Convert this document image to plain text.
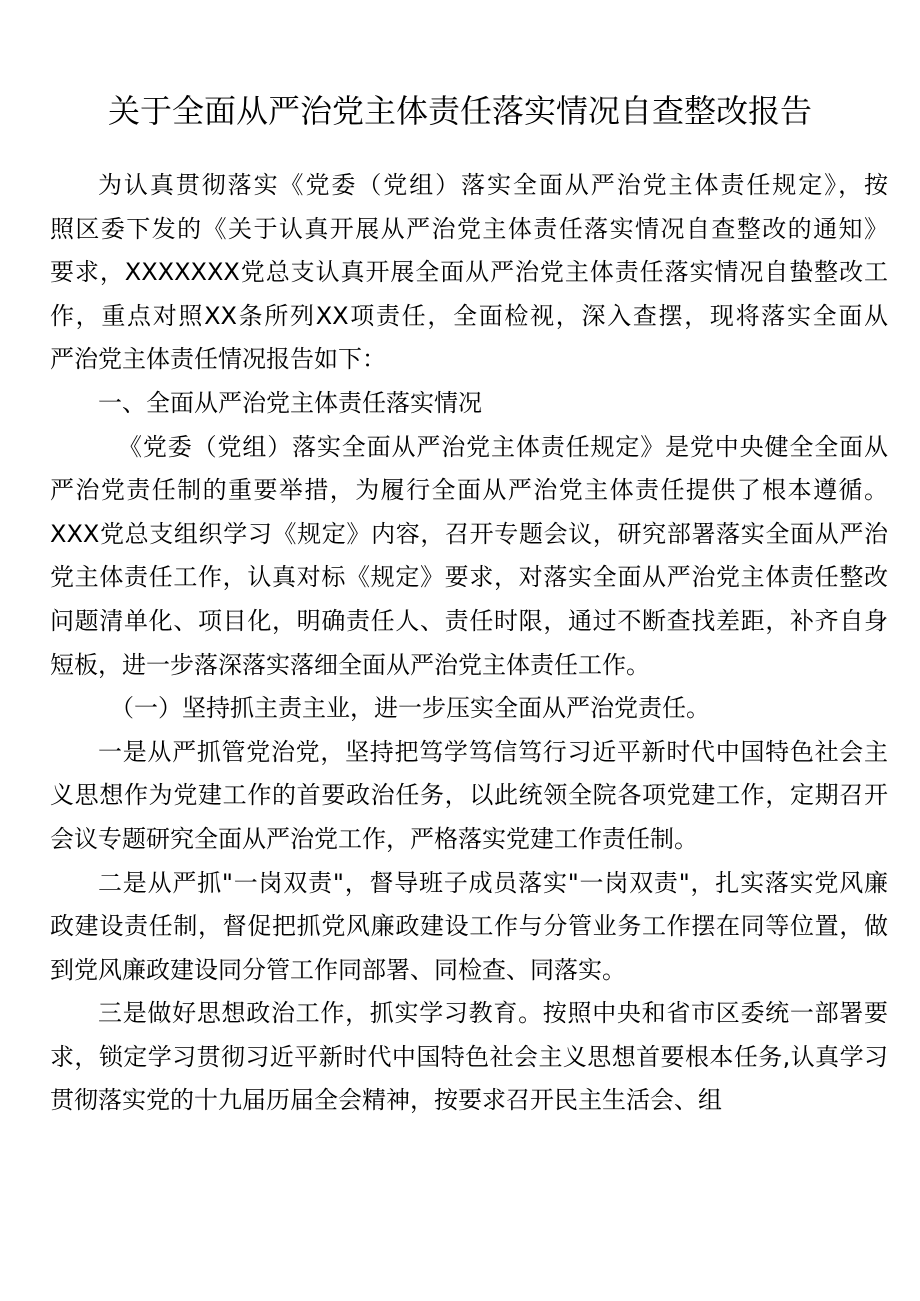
关于全面从严治党主体责任落实情况自查整改报告
为认真贯彻落实《党委（党组）落实全面从严治党主体责任规定》，按
照区委下发的《关于认真开展从严治党主体责任落实情况自查整改的通知》
要求，XXXXXXX党总支认真开展全面从严治党主体责任落实情况自蛰整改工
作，重点对照XX条所列XX项责任，全面检视，深入查摆，现将落实全面从
严治党主体责任情况报告如下：
一、全面从严治党主体责任落实情况
《党委（党组）落实全面从严治党主体责任规定》是党中央健全全面从
严治党责任制的重要举措，为履行全面从严治党主体责任提供了根本遵循。
XXX党总支组织学习《规定》内容，召开专题会议，研究部署落实全面从严治
党主体责任工作，认真对标《规定》要求，对落实全面从严治党主体责任整改
问题清单化、项目化，明确责任人、责任时限，通过不断查找差距，补齐自身
短板，进一步落深落实落细全面从严治党主体责任工作。
（一）坚持抓主责主业，进一步压实全面从严治党责任。
一是从严抓管党治党，坚持把笃学笃信笃行习近平新时代中国特色社会主
义思想作为党建工作的首要政治任务，以此统领全院各项党建工作，定期召开
会议专题研究全面从严治党工作，严格落实党建工作责任制。
二是从严抓"一岗双责"，督导班子成员落实"一岗双责"，扎实落实党风廉
政建设责任制，督促把抓党风廉政建设工作与分管业务工作摆在同等位置，做
到党风廉政建设同分管工作同部署、同检查、同落实。
三是做好思想政治工作，抓实学习教育。按照中央和省市区委统一部署要
求，锁定学习贯彻习近平新时代中国特色社会主义思想首要根本任务,认真学习
贯彻落实党的十九届历届全会精神，按要求召开民主生活会、组
